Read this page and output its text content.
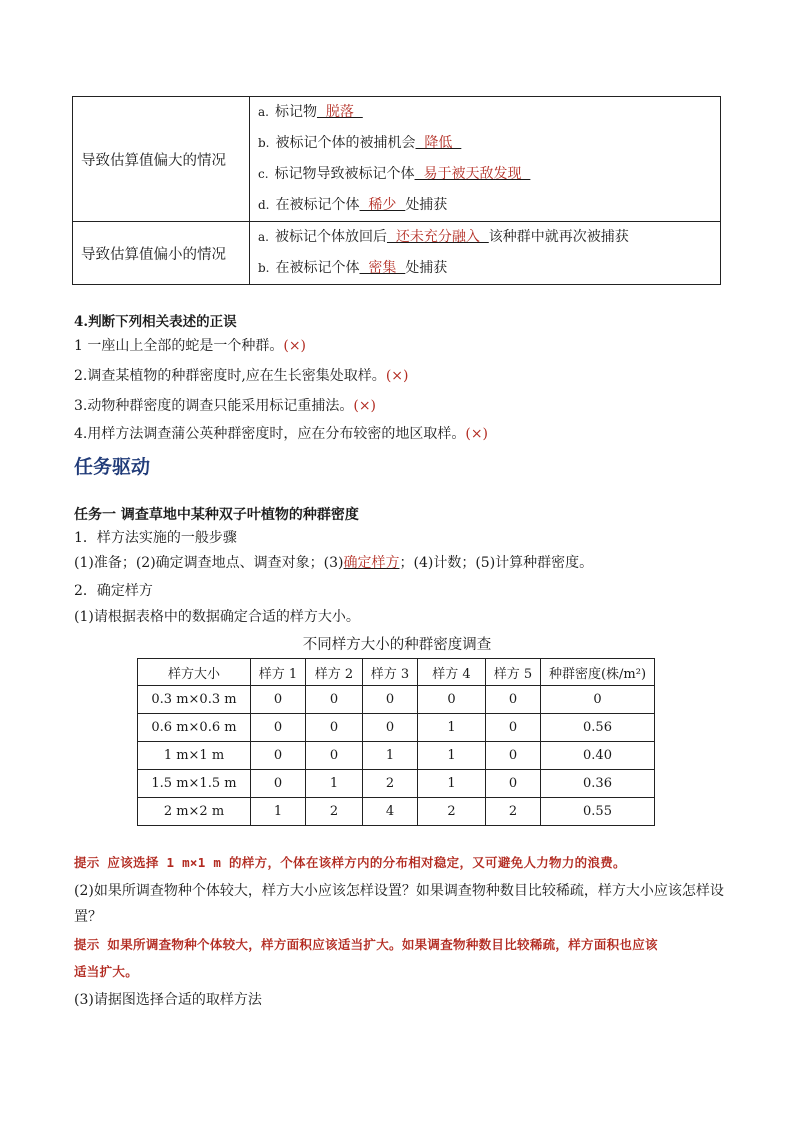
导致估算值偏大的情况	a. 标记物  脱落
b. 被标记个体的被捕机会  降低
c. 标记物导致被标记个体  易于被天敌发现
d. 在被标记个体  稀少  处捕获

导致估算值偏小的情况	a. 被标记个体放回后  还未充分融入  该种群中就再次被捕获
b. 在被标记个体  密集  处捕获
4.判断下列相关表述的正误
1 一座山上全部的蛇是一个种群。(×)
2.调查某植物的种群密度时,应在生长密集处取样。(×)
3.动物种群密度的调查只能采用标记重捕法。(×)
4.用样方法调查蒲公英种群密度时，应在分布较密的地区取样。(×)
任务驱动
任务一 调查草地中某种双子叶植物的种群密度
1．样方法实施的一般步骤
(1)准备；(2)确定调查地点、调查对象；(3)确定样方；(4)计数；(5)计算种群密度。
2．确定样方
(1)请根据表格中的数据确定合适的样方大小。
不同样方大小的种群密度调查
样方大小	样方 1	样方 2	样方 3	样方 4	样方 5	种群密度(株/m²)
0.3 m×0.3 m	0	0	0	0	0	0
0.6 m×0.6 m	0	0	0	1	0	0.56
1 m×1 m	0	0	1	1	0	0.40
1.5 m×1.5 m	0	1	2	1	0	0.36
2 m×2 m	1	2	4	2	2	0.55
提示 应该选择 1 m×1 m 的样方，个体在该样方内的分布相对稳定，又可避免人力物力的浪费。
(2)如果所调查物种个体较大，样方大小应该怎样设置？如果调查物种数目比较稀疏，样方大小应该怎样设
置？
提示 如果所调查物种个体较大，样方面积应该适当扩大。如果调查物种数目比较稀疏，样方面积也应该
适当扩大。
(3)请据图选择合适的取样方法
